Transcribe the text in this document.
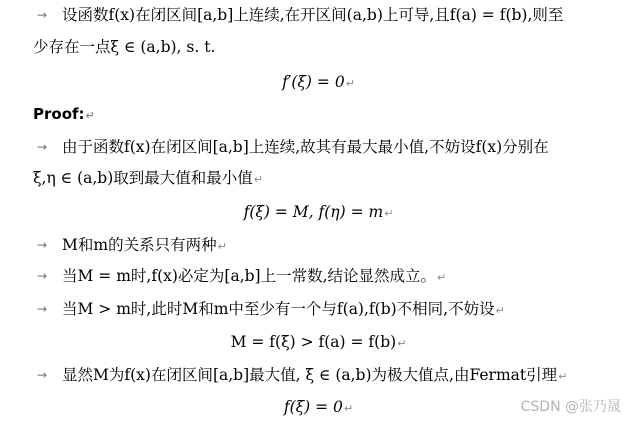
→ 设函数f(x)在闭区间[a,b]上连续,在开区间(a,b)上可导,且f(a) = f(b),则至
少存在一点ξ ∈ (a,b), s. t.
f′(ξ) = 0↵
Proof:↵
→ 由于函数f(x)在闭区间[a,b]上连续,故其有最大最小值,不妨设f(x)分别在
ξ,η ∈ (a,b)取到最大值和最小值↵
f(ξ) = M, f(η) = m↵
→ M和m的关系只有两种↵
→ 当M = m时,f(x)必定为[a,b]上一常数,结论显然成立。↵
→ 当M > m时,此时M和m中至少有一个与f(a),f(b)不相同,不妨设↵
M = f(ξ) > f(a) = f(b)↵
→ 显然M为f(x)在闭区间[a,b]最大值, ξ ∈ (a,b)为极大值点,由Fermat引理↵
f(ξ) = 0↵	CSDN @张乃晟
